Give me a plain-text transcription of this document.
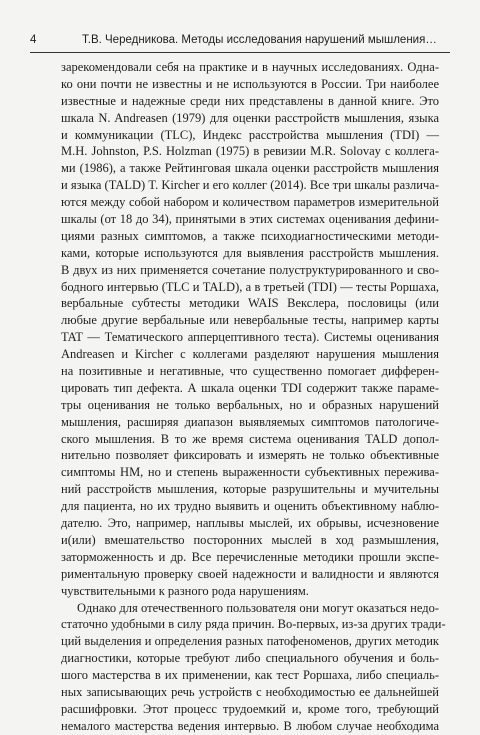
4	Т.В. Чередникова. Методы исследования нарушений мышления…
зарекомендовали себя на практике и в научных исследованиях. Одна-
ко они почти не известны и не используются в России. Три наиболее
известные и надежные среди них представлены в данной книге. Это
шкала N. Andreasen (1979) для оценки расстройств мышления, языка
и коммуникации (TLC), Индекс расстройства мышления (TDI) —
M.H. Johnston, P.S. Holzman (1975) в ревизии M.R. Solovay с коллега-
ми (1986), а также Рейтинговая шкала оценки расстройств мышления
и языка (TALD) T. Kircher и его коллег (2014). Все три шкалы различа-
ются между собой набором и количеством параметров измерительной
шкалы (от 18 до 34), принятыми в этих системах оценивания дефини-
циями разных симптомов, а также психодиагностическими методи-
ками, которые используются для выявления расстройств мышления.
В двух из них применяется сочетание полуструктурированного и сво-
бодного интервью (TLC и TALD), а в третьей (TDI) — тесты Роршаха,
вербальные субтесты методики WAIS Векслера, пословицы (или
любые другие вербальные или невербальные тесты, например карты
TAT — Тематического апперцептивного теста). Системы оценивания
Andreasen и Kircher с коллегами разделяют нарушения мышления
на позитивные и негативные, что существенно помогает дифферен-
цировать тип дефекта. А шкала оценки TDI содержит также параме-
тры оценивания не только вербальных, но и образных нарушений
мышления, расширяя диапазон выявляемых симптомов патологиче-
ского мышления. В то же время система оценивания TALD допол-
нительно позволяет фиксировать и измерять не только объективные
симптомы НМ, но и степень выраженности субъективных пережива-
ний расстройств мышления, которые разрушительны и мучительны
для пациента, но их трудно выявить и оценить объективному наблю-
дателю. Это, например, наплывы мыслей, их обрывы, исчезновение
и(или) вмешательство посторонних мыслей в ход размышления,
заторможенность и др. Все перечисленные методики прошли экспе-
риментальную проверку своей надежности и валидности и являются
чувствительными к разного рода нарушениям.
Однако для отечественного пользователя они могут оказаться недо-
статочно удобными в силу ряда причин. Во-первых, из-за других тради-
ций выделения и определения разных патофеноменов, других методик
диагностики, которые требуют либо специального обучения и боль-
шого мастерства в их применении, как тест Роршаха, либо специаль-
ных записывающих речь устройств с необходимостью ее дальнейшей
расшифровки. Этот процесс трудоемкий и, кроме того, требующий
немалого мастерства ведения интервью. В любом случае необходима
